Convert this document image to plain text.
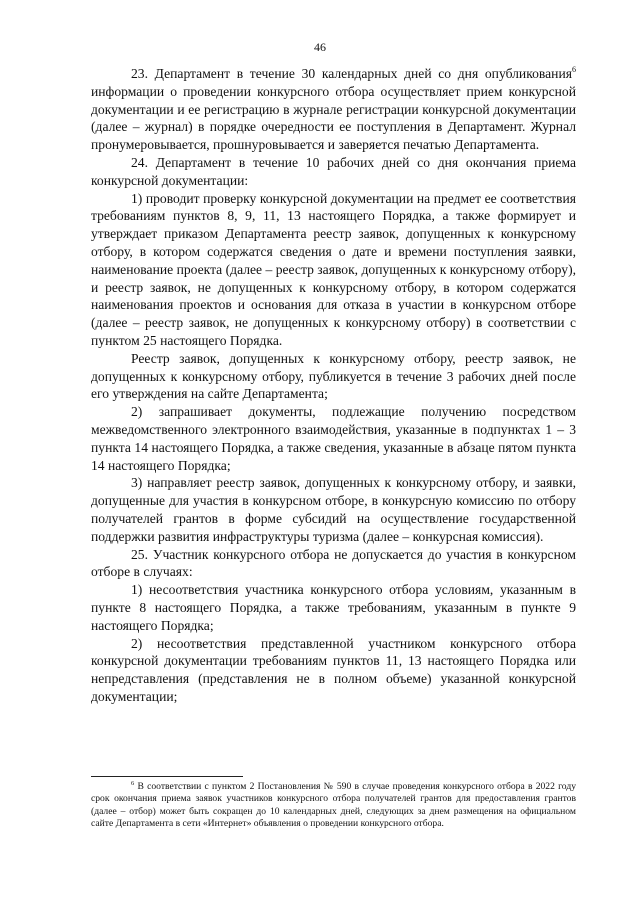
46

23. Департамент в течение 30 календарных дней со дня опубликования$^6$ информации о проведении конкурсного отбора осуществляет прием конкурсной документации и ее регистрацию в журнале регистрации конкурсной документации (далее – журнал) в порядке очередности ее поступления в Департамент. Журнал пронумеровывается, прошнуровывается и заверяется печатью Департамента.

24. Департамент в течение 10 рабочих дней со дня окончания приема конкурсной документации:

1) проводит проверку конкурсной документации на предмет ее соответствия требованиям пунктов 8, 9, 11, 13 настоящего Порядка, а также формирует и утверждает приказом Департамента реестр заявок, допущенных к конкурсному отбору, в котором содержатся сведения о дате и времени поступления заявки, наименование проекта (далее – реестр заявок, допущенных к конкурсному отбору), и реестр заявок, не допущенных к конкурсному отбору, в котором содержатся наименования проектов и основания для отказа в участии в конкурсном отборе (далее – реестр заявок, не допущенных к конкурсному отбору) в соответствии с пунктом 25 настоящего Порядка.

Реестр заявок, допущенных к конкурсному отбору, реестр заявок, не допущенных к конкурсному отбору, публикуется в течение 3 рабочих дней после его утверждения на сайте Департамента;

2) запрашивает документы, подлежащие получению посредством межведомственного электронного взаимодействия, указанные в подпунктах 1 – 3 пункта 14 настоящего Порядка, а также сведения, указанные в абзаце пятом пункта 14 настоящего Порядка;

3) направляет реестр заявок, допущенных к конкурсному отбору, и заявки, допущенные для участия в конкурсном отборе, в конкурсную комиссию по отбору получателей грантов в форме субсидий на осуществление государственной поддержки развития инфраструктуры туризма (далее – конкурсная комиссия).

25. Участник конкурсного отбора не допускается до участия в конкурсном отборе в случаях:

1) несоответствия участника конкурсного отбора условиям, указанным в пункте 8 настоящего Порядка, а также требованиям, указанным в пункте 9 настоящего Порядка;

2) несоответствия представленной участником конкурсного отбора конкурсной документации требованиям пунктов 11, 13 настоящего Порядка или непредставления (представления не в полном объеме) указанной конкурсной документации;

$^6$ В соответствии с пунктом 2 Постановления № 590 в случае проведения конкурсного отбора в 2022 году срок окончания приема заявок участников конкурсного отбора получателей грантов для предоставления грантов (далее – отбор) может быть сокращен до 10 календарных дней, следующих за днем размещения на официальном сайте Департамента в сети «Интернет» объявления о проведении конкурсного отбора.
